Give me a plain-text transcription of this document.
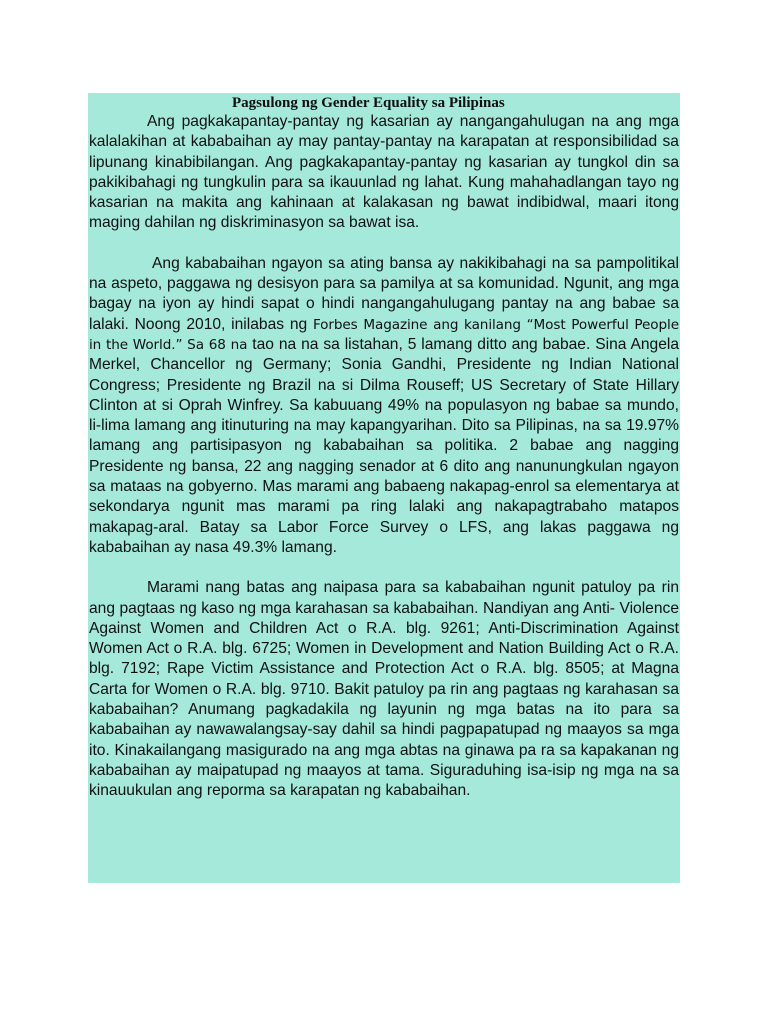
Pagsulong ng Gender Equality sa Pilipinas

Ang pagkakapantay-pantay ng kasarian ay nangangahulugan na ang mga kalalakihan at kababaihan ay may pantay-pantay na karapatan at responsibilidad sa lipunang kinabibilangan. Ang pagkakapantay-pantay ng kasarian ay tungkol din sa pakikibahagi ng tungkulin para sa ikauunlad ng lahat. Kung mahahadlangan tayo ng kasarian na makita ang kahinaan at kalakasan ng bawat indibidwal, maari itong maging dahilan ng diskriminasyon sa bawat isa.

Ang kababaihan ngayon sa ating bansa ay nakikibahagi na sa pampolitikal na aspeto, paggawa ng desisyon para sa pamilya at sa komunidad. Ngunit, ang mga bagay na iyon ay hindi sapat o hindi nangangahulugang pantay na ang babae sa lalaki. Noong 2010, inilabas ng Forbes Magazine ang kanilang “Most Powerful People in the World.” Sa 68 na tao na na sa listahan, 5 lamang ditto ang babae. Sina Angela Merkel, Chancellor ng Germany; Sonia Gandhi, Presidente ng Indian National Congress; Presidente ng Brazil na si Dilma Rouseff; US Secretary of State Hillary Clinton at si Oprah Winfrey. Sa kabuuang 49% na populasyon ng babae sa mundo, li-lima lamang ang itinuturing na may kapangyarihan. Dito sa Pilipinas, na sa 19.97% lamang ang partisipasyon ng kababaihan sa politika. 2 babae ang nagging Presidente ng bansa, 22 ang nagging senador at 6 dito ang nanunungkulan ngayon sa mataas na gobyerno. Mas marami ang babaeng nakapag-enrol sa elementarya at sekondarya ngunit mas marami pa ring lalaki ang nakapagtrabaho matapos makapag-aral. Batay sa Labor Force Survey o LFS, ang lakas paggawa ng kababaihan ay nasa 49.3% lamang.

Marami nang batas ang naipasa para sa kababaihan ngunit patuloy pa rin ang pagtaas ng kaso ng mga karahasan sa kababaihan. Nandiyan ang Anti- Violence Against Women and Children Act o R.A. blg. 9261; Anti-Discrimination Against Women Act o R.A. blg. 6725; Women in Development and Nation Building Act o R.A. blg. 7192; Rape Victim Assistance and Protection Act o R.A. blg. 8505; at Magna Carta for Women o R.A. blg. 9710. Bakit patuloy pa rin ang pagtaas ng karahasan sa kababaihan? Anumang pagkadakila ng layunin ng mga batas na ito para sa kababaihan ay nawawalangsay-say dahil sa hindi pagpapatupad ng maayos sa mga ito. Kinakailangang masigurado na ang mga abtas na ginawa pa ra sa kapakanan ng kababaihan ay maipatupad ng maayos at tama. Siguraduhing isa-isip ng mga na sa kinauukulan ang reporma sa karapatan ng kababaihan.
